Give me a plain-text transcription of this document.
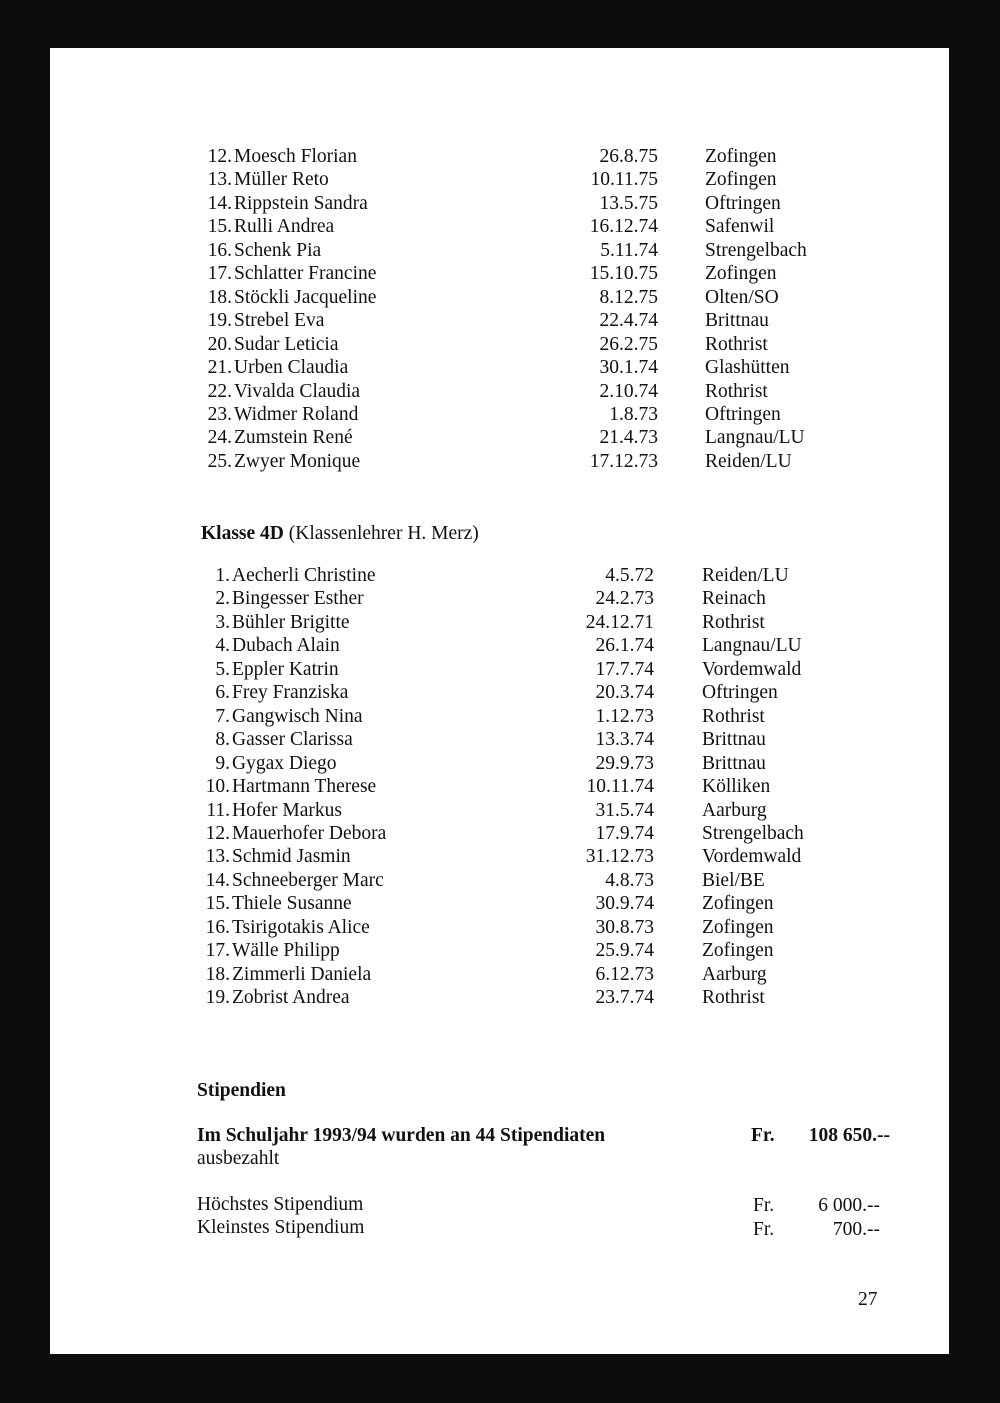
12. Moesch Florian	26.8.75 Zofingen
13. Müller Reto	10.11.75 Zofingen
14. Rippstein Sandra	13.5.75 Oftringen
15. Rulli Andrea	16.12.74 Safenwil
16. Schenk Pia	5.11.74 Strengelbach
17. Schlatter Francine	15.10.75 Zofingen
18. Stöckli Jacqueline	8.12.75 Olten/SO
19. Strebel Eva	22.4.74 Brittnau
20. Sudar Leticia	26.2.75 Rothrist
21. Urben Claudia	30.1.74 Glashütten
22. Vivalda Claudia	2.10.74 Rothrist
23. Widmer Roland	1.8.73 Oftringen
24. Zumstein René	21.4.73 Langnau/LU
25. Zwyer Monique	17.12.73 Reiden/LU
Klasse 4D (Klassenlehrer H. Merz)
1. Aecherli Christine	4.5.72 Reiden/LU
2. Bingesser Esther	24.2.73 Reinach
3. Bühler Brigitte	24.12.71 Rothrist
4. Dubach Alain	26.1.74 Langnau/LU
5. Eppler Katrin	17.7.74 Vordemwald
6. Frey Franziska	20.3.74 Oftringen
7. Gangwisch Nina	1.12.73 Rothrist
8. Gasser Clarissa	13.3.74 Brittnau
9. Gygax Diego	29.9.73 Brittnau
10. Hartmann Therese	10.11.74 Kölliken
11. Hofer Markus	31.5.74 Aarburg
12. Mauerhofer Debora	17.9.74 Strengelbach
13. Schmid Jasmin	31.12.73 Vordemwald
14. Schneeberger Marc	4.8.73 Biel/BE
15. Thiele Susanne	30.9.74 Zofingen
16. Tsirigotakis Alice	30.8.73 Zofingen
17. Wälle Philipp	25.9.74 Zofingen
18. Zimmerli Daniela	6.12.73 Aarburg
19. Zobrist Andrea	23.7.74 Rothrist
Stipendien
Im Schuljahr 1993/94 wurden an 44 Stipendiaten
ausbezahlt
Fr.	108 650.--
Höchstes Stipendium	Fr.	6 000.--
Kleinstes Stipendium	Fr.	700.--
27
